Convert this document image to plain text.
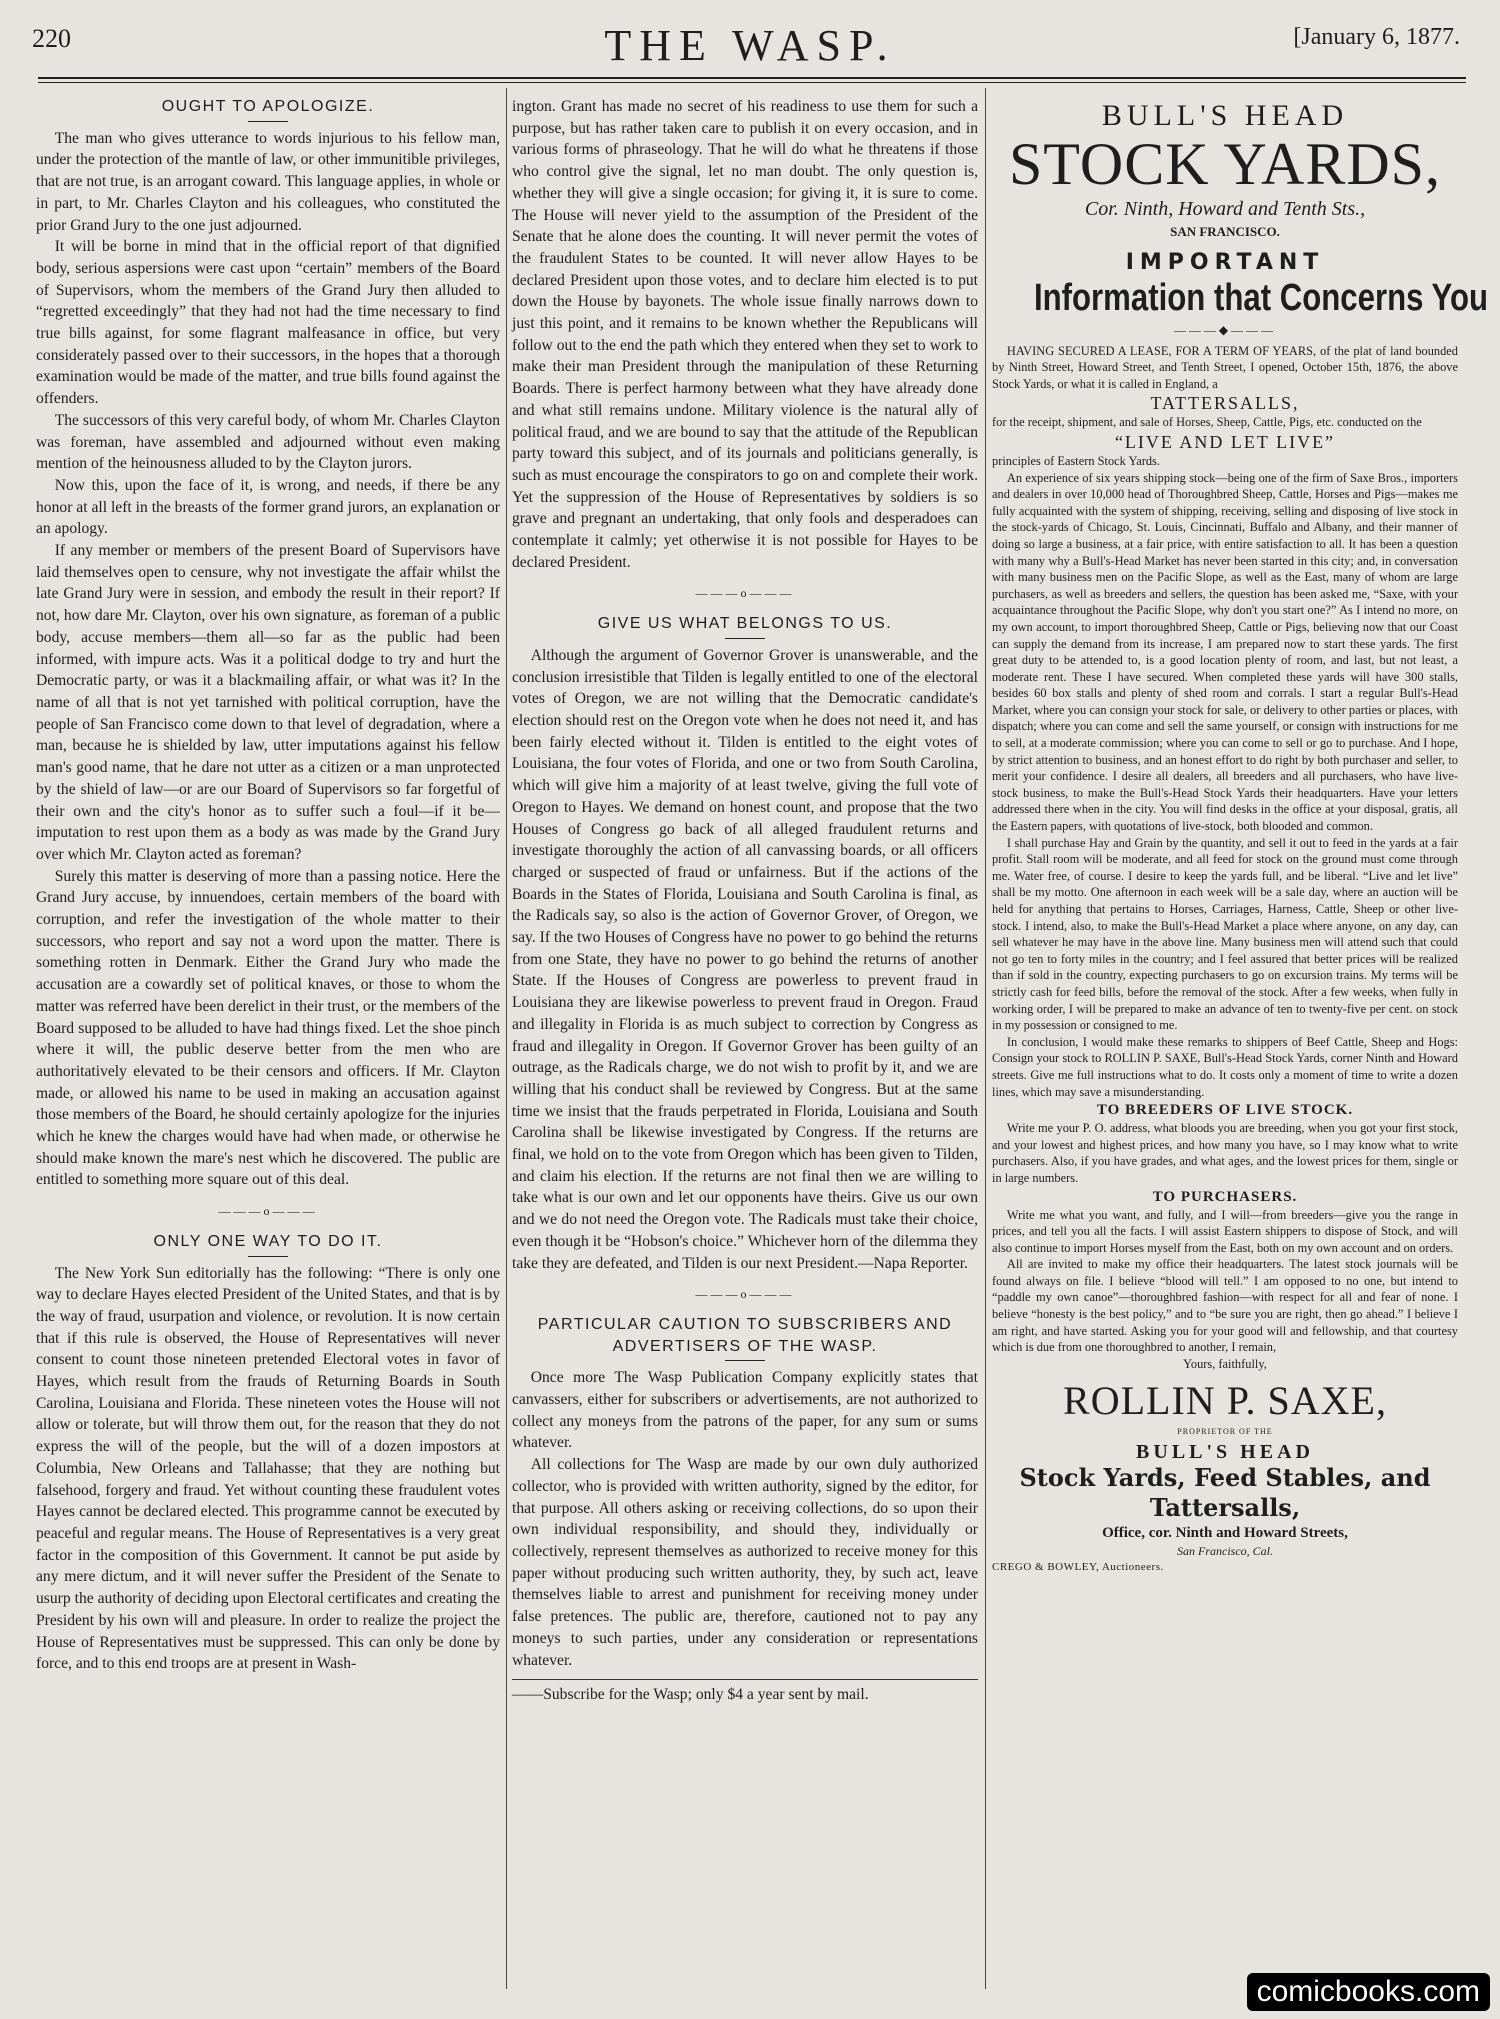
220	THE WASP.	[January 6, 1877.
OUGHT TO APOLOGIZE.

The man who gives utterance to words injurious to his fellow man, under the protection of the mantle of law, or other immunitible privileges, that are not true, is an arrogant coward. This language applies, in whole or in part, to Mr. Charles Clayton and his colleagues, who constituted the prior Grand Jury to the one just adjourned.

It will be borne in mind that in the official report of that dignified body, serious aspersions were cast upon “certain” members of the Board of Supervisors, whom the members of the Grand Jury then alluded to “regretted exceedingly” that they had not had the time necessary to find true bills against, for some flagrant malfeasance in office, but very considerately passed over to their successors, in the hopes that a thorough examination would be made of the matter, and true bills found against the offenders.

The successors of this very careful body, of whom Mr. Charles Clayton was foreman, have assembled and adjourned without even making mention of the heinousness alluded to by the Clayton jurors.

Now this, upon the face of it, is wrong, and needs, if there be any honor at all left in the breasts of the former grand jurors, an explanation or an apology.

If any member or members of the present Board of Supervisors have laid themselves open to censure, why not investigate the affair whilst the late Grand Jury were in session, and embody the result in their report? If not, how dare Mr. Clayton, over his own signature, as foreman of a public body, accuse members—them all—so far as the public had been informed, with impure acts. Was it a political dodge to try and hurt the Democratic party, or was it a blackmailing affair, or what was it? In the name of all that is not yet tarnished with political corruption, have the people of San Francisco come down to that level of degradation, where a man, because he is shielded by law, utter imputations against his fellow man's good name, that he dare not utter as a citizen or a man unprotected by the shield of law—or are our Board of Supervisors so far forgetful of their own and the city's honor as to suffer such a foul—if it be—imputation to rest upon them as a body as was made by the Grand Jury over which Mr. Clayton acted as foreman?

Surely this matter is deserving of more than a passing notice. Here the Grand Jury accuse, by innuendoes, certain members of the board with corruption, and refer the investigation of the whole matter to their successors, who report and say not a word upon the matter. There is something rotten in Denmark. Either the Grand Jury who made the accusation are a cowardly set of political knaves, or those to whom the matter was referred have been derelict in their trust, or the members of the Board supposed to be alluded to have had things fixed. Let the shoe pinch where it will, the public deserve better from the men who are authoritatively elevated to be their censors and officers. If Mr. Clayton made, or allowed his name to be used in making an accusation against those members of the Board, he should certainly apologize for the injuries which he knew the charges would have had when made, or otherwise he should make known the mare's nest which he discovered. The public are entitled to something more square out of this deal.

———o———
ONLY ONE WAY TO DO IT.

The New York Sun editorially has the following: “There is only one way to declare Hayes elected President of the United States, and that is by the way of fraud, usurpation and violence, or revolution. It is now certain that if this rule is observed, the House of Representatives will never consent to count those nineteen pretended Electoral votes in favor of Hayes, which result from the frauds of Returning Boards in South Carolina, Louisiana and Florida. These nineteen votes the House will not allow or tolerate, but will throw them out, for the reason that they do not express the will of the people, but the will of a dozen impostors at Columbia, New Orleans and Tallahasse; that they are nothing but falsehood, forgery and fraud. Yet without counting these fraudulent votes Hayes cannot be declared elected. This programme cannot be executed by peaceful and regular means. The House of Representatives is a very great factor in the composition of this Government. It cannot be put aside by any mere dictum, and it will never suffer the President of the Senate to usurp the authority of deciding upon Electoral certificates and creating the President by his own will and pleasure. In order to realize the project the House of Representatives must be suppressed. This can only be done by force, and to this end troops are at present in Wash-

ington. Grant has made no secret of his readiness to use them for such a purpose, but has rather taken care to publish it on every occasion, and in various forms of phraseology. That he will do what he threatens if those who control give the signal, let no man doubt. The only question is, whether they will give a single occasion; for giving it, it is sure to come. The House will never yield to the assumption of the President of the Senate that he alone does the counting. It will never permit the votes of the fraudulent States to be counted. It will never allow Hayes to be declared President upon those votes, and to declare him elected is to put down the House by bayonets. The whole issue finally narrows down to just this point, and it remains to be known whether the Republicans will follow out to the end the path which they entered when they set to work to make their man President through the manipulation of these Returning Boards. There is perfect harmony between what they have already done and what still remains undone. Military violence is the natural ally of political fraud, and we are bound to say that the attitude of the Republican party toward this subject, and of its journals and politicians generally, is such as must encourage the conspirators to go on and complete their work. Yet the suppression of the House of Representatives by soldiers is so grave and pregnant an undertaking, that only fools and desperadoes can contemplate it calmly; yet otherwise it is not possible for Hayes to be declared President.

———o———
GIVE US WHAT BELONGS TO US.

Although the argument of Governor Grover is unanswerable, and the conclusion irresistible that Tilden is legally entitled to one of the electoral votes of Oregon, we are not willing that the Democratic candidate's election should rest on the Oregon vote when he does not need it, and has been fairly elected without it. Tilden is entitled to the eight votes of Louisiana, the four votes of Florida, and one or two from South Carolina, which will give him a majority of at least twelve, giving the full vote of Oregon to Hayes. We demand on honest count, and propose that the two Houses of Congress go back of all alleged fraudulent returns and investigate thoroughly the action of all canvassing boards, or all officers charged or suspected of fraud or unfairness. But if the actions of the Boards in the States of Florida, Louisiana and South Carolina is final, as the Radicals say, so also is the action of Governor Grover, of Oregon, we say. If the two Houses of Congress have no power to go behind the returns from one State, they have no power to go behind the returns of another State. If the Houses of Congress are powerless to prevent fraud in Louisiana they are likewise powerless to prevent fraud in Oregon. Fraud and illegality in Florida is as much subject to correction by Congress as fraud and illegality in Oregon. If Governor Grover has been guilty of an outrage, as the Radicals charge, we do not wish to profit by it, and we are willing that his conduct shall be reviewed by Congress. But at the same time we insist that the frauds perpetrated in Florida, Louisiana and South Carolina shall be likewise investigated by Congress. If the returns are final, we hold on to the vote from Oregon which has been given to Tilden, and claim his election. If the returns are not final then we are willing to take what is our own and let our opponents have theirs. Give us our own and we do not need the Oregon vote. The Radicals must take their choice, even though it be “Hobson's choice.” Whichever horn of the dilemma they take they are defeated, and Tilden is our next President.—Napa Reporter.

———o———
PARTICULAR CAUTION TO SUBSCRIBERS AND ADVERTISERS OF THE WASP.

Once more The Wasp Publication Company explicitly states that canvassers, either for subscribers or advertisements, are not authorized to collect any moneys from the patrons of the paper, for any sum or sums whatever.

All collections for The Wasp are made by our own duly authorized collector, who is provided with written authority, signed by the editor, for that purpose. All others asking or receiving collections, do so upon their own individual responsibility, and should they, individually or collectively, represent themselves as authorized to receive money for this paper without producing such written authority, they, by such act, leave themselves liable to arrest and punishment for receiving money under false pretences. The public are, therefore, cautioned not to pay any moneys to such parties, under any consideration or representations whatever.

——Subscribe for the Wasp; only $4 a year sent by mail.

BULL'S HEAD
STOCK YARDS,
Cor. Ninth, Howard and Tenth Sts.,
SAN FRANCISCO.
IMPORTANT
Information that Concerns You
———◆———

HAVING SECURED A LEASE, FOR A TERM OF YEARS, of the plat of land bounded by Ninth Street, Howard Street, and Tenth Street, I opened, October 15th, 1876, the above Stock Yards, or what it is called in England, a

TATTERSALLS,

for the receipt, shipment, and sale of Horses, Sheep, Cattle, Pigs, etc. conducted on the

“LIVE AND LET LIVE”

principles of Eastern Stock Yards.

An experience of six years shipping stock—being one of the firm of Saxe Bros., importers and dealers in over 10,000 head of Thoroughbred Sheep, Cattle, Horses and Pigs—makes me fully acquainted with the system of shipping, receiving, selling and disposing of live stock in the stock-yards of Chicago, St. Louis, Cincinnati, Buffalo and Albany, and their manner of doing so large a business, at a fair price, with entire satisfaction to all. It has been a question with many why a Bull's-Head Market has never been started in this city; and, in conversation with many business men on the Pacific Slope, as well as the East, many of whom are large purchasers, as well as breeders and sellers, the question has been asked me, “Saxe, with your acquaintance throughout the Pacific Slope, why don't you start one?” As I intend no more, on my own account, to import thoroughbred Sheep, Cattle or Pigs, believing now that our Coast can supply the demand from its increase, I am prepared now to start these yards. The first great duty to be attended to, is a good location plenty of room, and last, but not least, a moderate rent. These I have secured. When completed these yards will have 300 stalls, besides 60 box stalls and plenty of shed room and corrals. I start a regular Bull's-Head Market, where you can consign your stock for sale, or delivery to other parties or places, with dispatch; where you can come and sell the same yourself, or consign with instructions for me to sell, at a moderate commission; where you can come to sell or go to purchase. And I hope, by strict attention to business, and an honest effort to do right by both purchaser and seller, to merit your confidence. I desire all dealers, all breeders and all purchasers, who have live-stock business, to make the Bull's-Head Stock Yards their headquarters. Have your letters addressed there when in the city. You will find desks in the office at your disposal, gratis, all the Eastern papers, with quotations of live-stock, both blooded and common.

I shall purchase Hay and Grain by the quantity, and sell it out to feed in the yards at a fair profit. Stall room will be moderate, and all feed for stock on the ground must come through me. Water free, of course. I desire to keep the yards full, and be liberal. “Live and let live” shall be my motto. One afternoon in each week will be a sale day, where an auction will be held for anything that pertains to Horses, Carriages, Harness, Cattle, Sheep or other live-stock. I intend, also, to make the Bull's-Head Market a place where anyone, on any day, can sell whatever he may have in the above line. Many business men will attend such that could not go ten to forty miles in the country; and I feel assured that better prices will be realized than if sold in the country, expecting purchasers to go on excursion trains. My terms will be strictly cash for feed bills, before the removal of the stock. After a few weeks, when fully in working order, I will be prepared to make an advance of ten to twenty-five per cent. on stock in my possession or consigned to me.

In conclusion, I would make these remarks to shippers of Beef Cattle, Sheep and Hogs: Consign your stock to ROLLIN P. SAXE, Bull's-Head Stock Yards, corner Ninth and Howard streets. Give me full instructions what to do. It costs only a moment of time to write a dozen lines, which may save a misunderstanding.

TO BREEDERS OF LIVE STOCK.

Write me your P. O. address, what bloods you are breeding, when you got your first stock, and your lowest and highest prices, and how many you have, so I may know what to write purchasers. Also, if you have grades, and what ages, and the lowest prices for them, single or in large numbers.

TO PURCHASERS.

Write me what you want, and fully, and I will—from breeders—give you the range in prices, and tell you all the facts. I will assist Eastern shippers to dispose of Stock, and will also continue to import Horses myself from the East, both on my own account and on orders.

All are invited to make my office their headquarters. The latest stock journals will be found always on file. I believe “blood will tell.” I am opposed to no one, but intend to “paddle my own canoe”—thoroughbred fashion—with respect for all and fear of none. I believe “honesty is the best policy,” and to “be sure you are right, then go ahead.” I believe I am right, and have started. Asking you for your good will and fellowship, and that courtesy which is due from one thoroughbred to another, I remain,

Yours, faithfully,
ROLLIN P. SAXE,
PROPRIETOR OF THE
BULL'S HEAD
Stock Yards, Feed Stables, and Tattersalls,
Office, cor. Ninth and Howard Streets,
San Francisco, Cal.
CREGO & BOWLEY, Auctioneers.
comicbooks.com
